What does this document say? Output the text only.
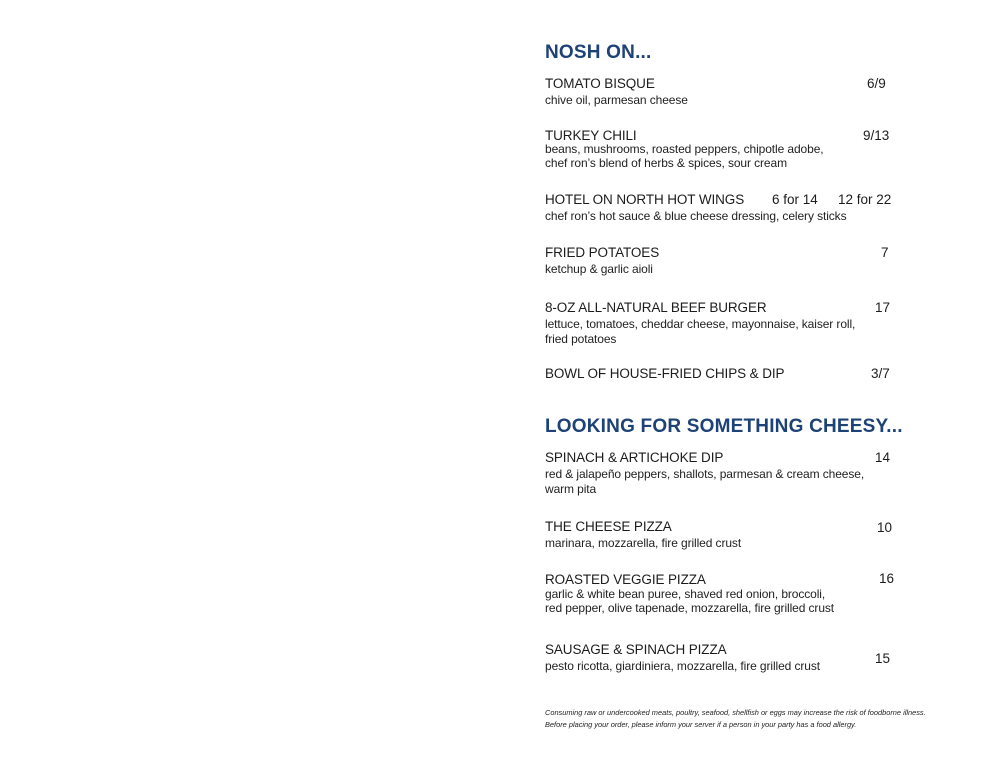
NOSH ON...
TOMATO BISQUE
chive oil, parmesan cheese
6/9
TURKEY CHILI
beans, mushrooms, roasted peppers, chipotle adobe,
chef ron’s blend of herbs & spices, sour cream
9/13
HOTEL ON NORTH HOT WINGS
chef ron’s hot sauce & blue cheese dressing, celery sticks
6 for 14 12 for 22
FRIED POTATOES
ketchup & garlic aioli
7
8-OZ ALL-NATURAL BEEF BURGER
lettuce, tomatoes, cheddar cheese, mayonnaise, kaiser roll,
fried potatoes
17
BOWL OF HOUSE-FRIED CHIPS & DIP	3/7
LOOKING FOR SOMETHING CHEESY...
SPINACH & ARTICHOKE DIP
red & jalapeño peppers, shallots, parmesan & cream cheese,
warm pita
14
THE CHEESE PIZZA
marinara, mozzarella, fire grilled crust
10
ROASTED VEGGIE PIZZA
garlic & white bean puree, shaved red onion, broccoli,
red pepper, olive tapenade, mozzarella, fire grilled crust
16
SAUSAGE & SPINACH PIZZA
pesto ricotta, giardiniera, mozzarella, fire grilled crust	15
Consuming raw or undercooked meats, poultry, seafood, shellfish or eggs may increase the risk of foodborne illness.
Before placing your order, please inform your server if a person in your party has a food allergy.
